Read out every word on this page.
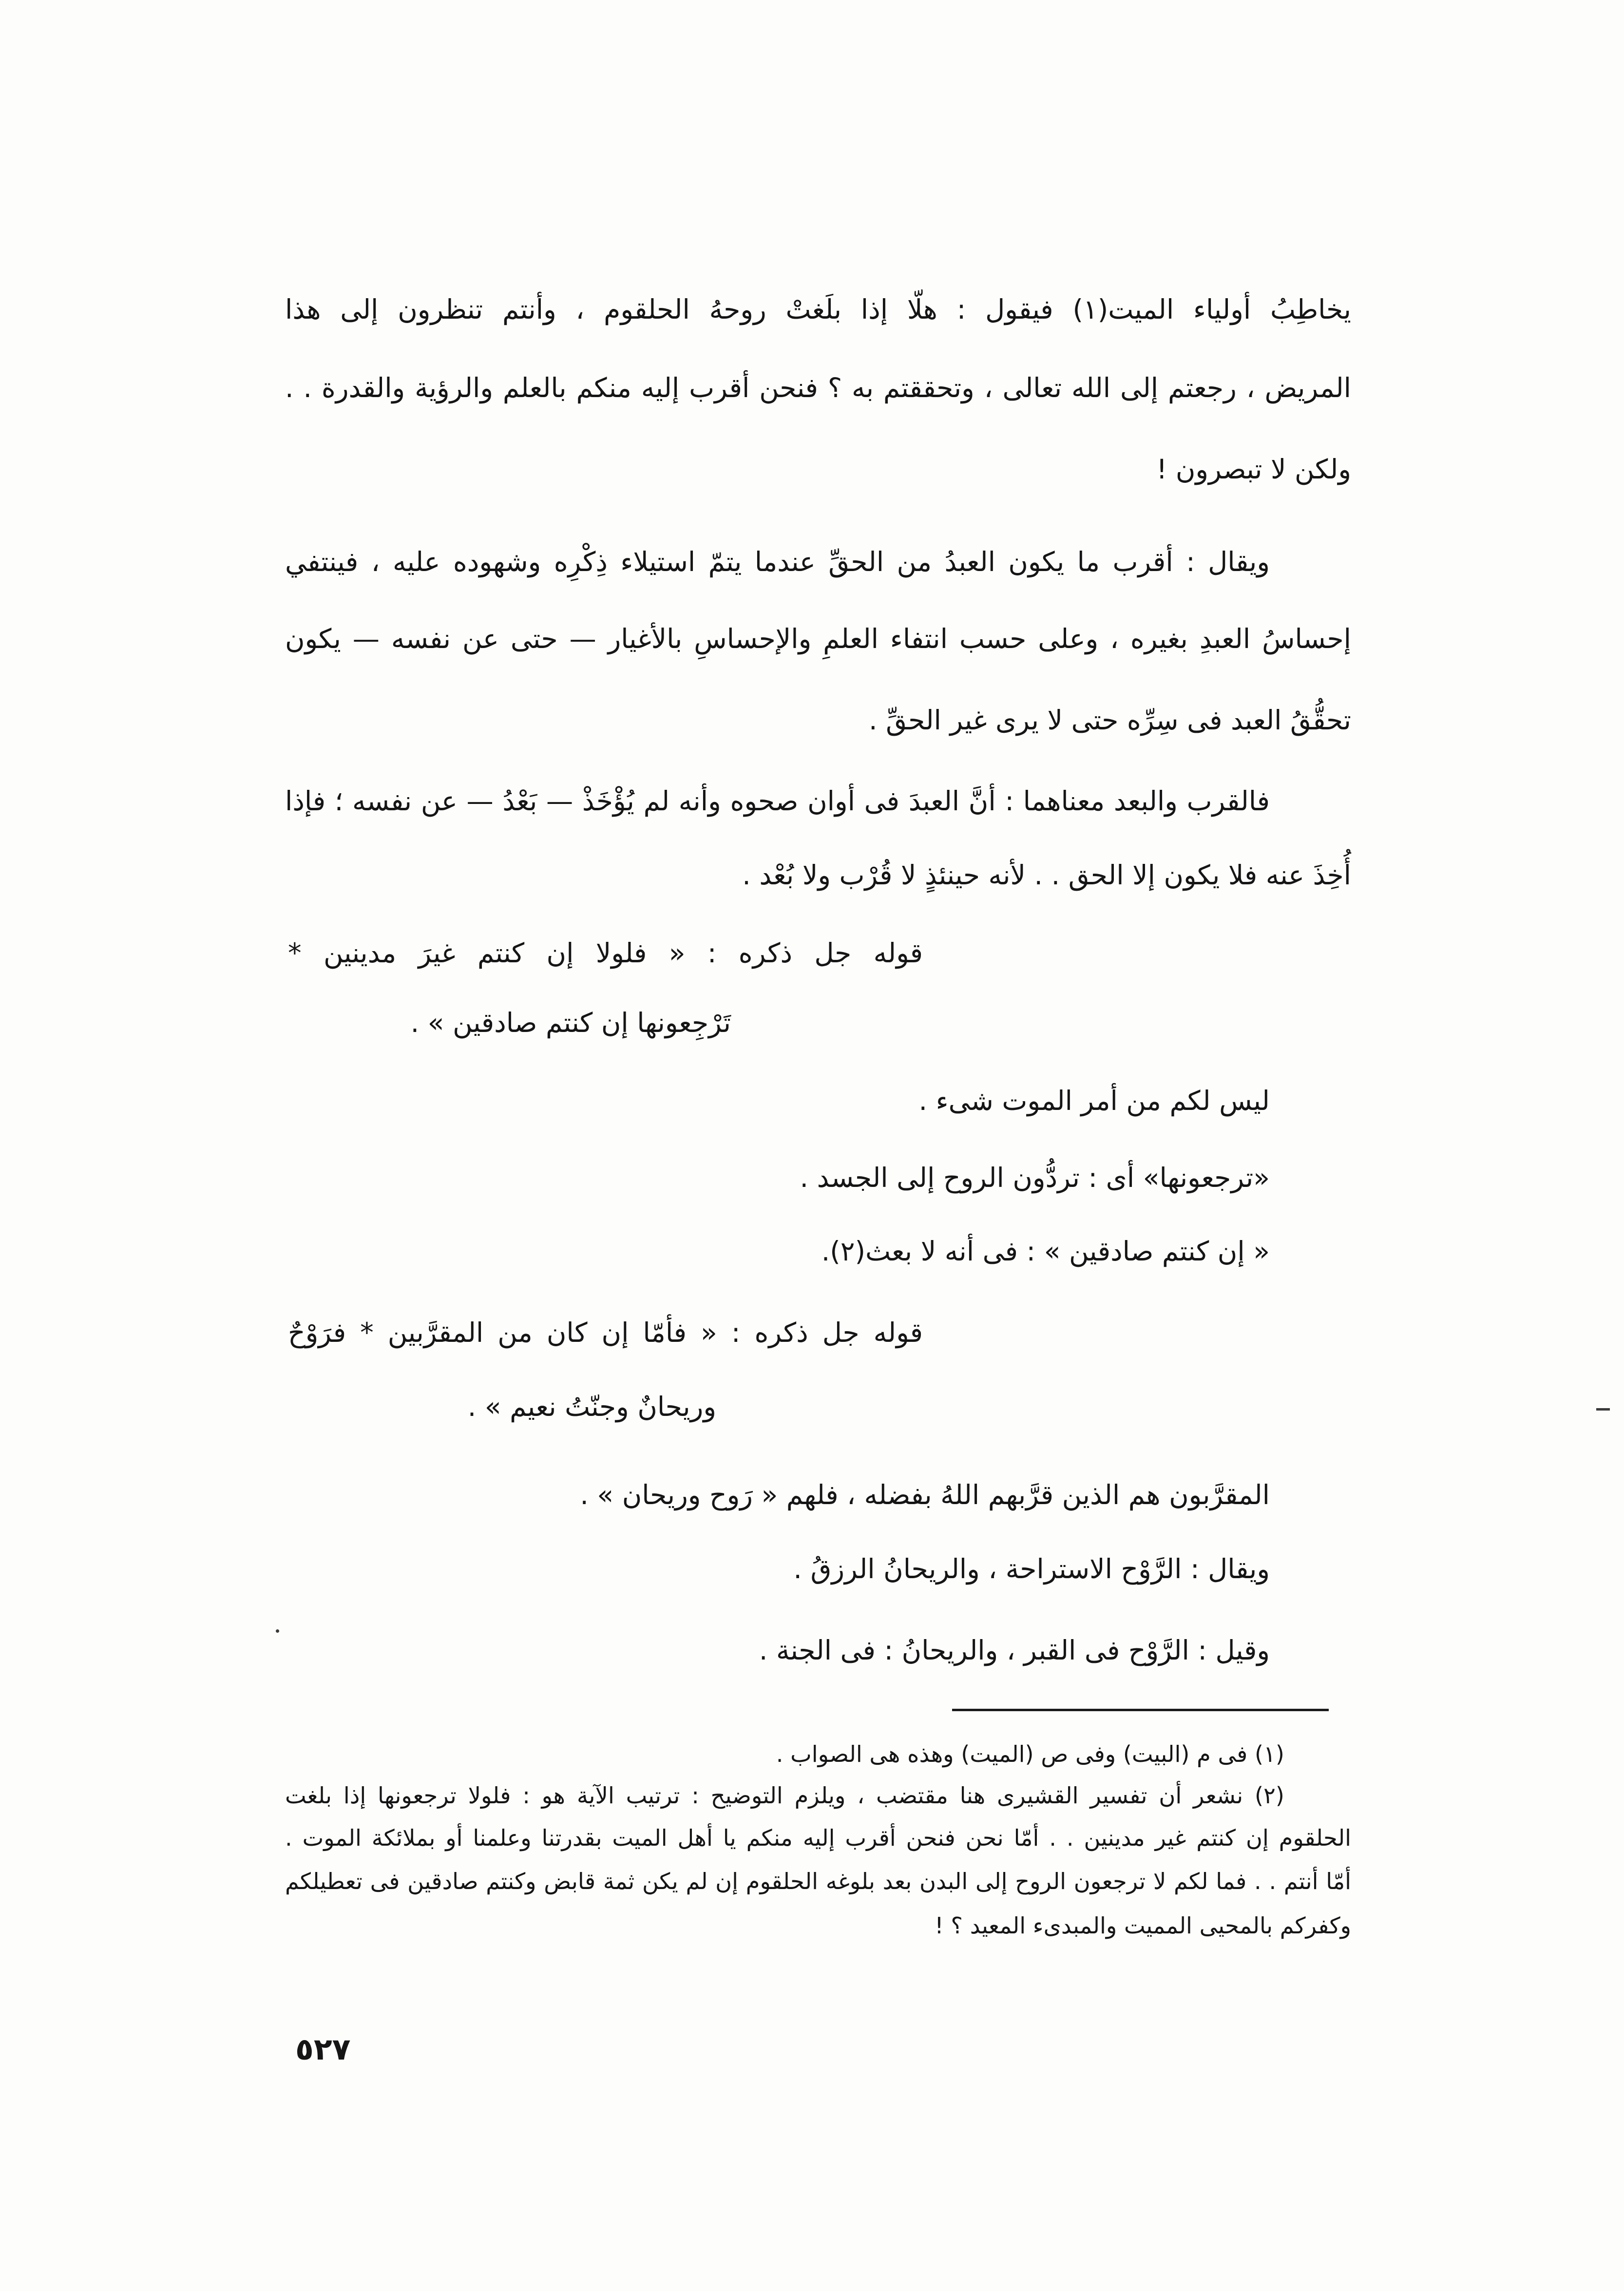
يخاطِبُ أولياء الميت(١) فيقول : هلّا إذا بلَغتْ روحهُ الحلقوم ، وأنتم تنظرون إلى هذا
المريض ، رجعتم إلى الله تعالى ، وتحققتم به ؟ فنحن أقرب إليه منكم بالعلم والرؤية والقدرة . .
ولكن لا تبصرون !
ويقال : أقرب ما يكون العبدُ من الحقِّ عندما يتمّ استيلاء ذِكْرِه وشهوده عليه ، فينتفي
إحساسُ العبدِ بغيره ، وعلى حسب انتفاء العلمِ والإحساسِ بالأغيار — حتى عن نفسه — يكون
تحقُّقُ العبد فى سِرِّه حتى لا يرى غير الحقِّ .
فالقرب والبعد معناهما : أنَّ العبدَ فى أوان صحوه وأنه لم يُؤْخَذْ — بَعْدُ — عن نفسه ؛ فإذا
أُخِذَ عنه فلا يكون إلا الحق . . لأنه حينئذٍ لا قُرْب ولا بُعْد .
قوله جل ذكره : « فلولا إن كنتم غيرَ مدينين *
تَرْجِعونها إن كنتم صادقين » .
ليس لكم من أمر الموت شىء .
«ترجعونها» أى : تردُّون الروح إلى الجسد .
« إن كنتم صادقين » : فى أنه لا بعث(٢).
قوله جل ذكره : « فأمّا إن كان من المقرَّبين * فرَوْحٌ
وريحانٌ وجنّتُ نعيم » .
المقرَّبون هم الذين قرَّبهم اللهُ بفضله ، فلهم « رَوح وريحان » .
ويقال : الرَّوْح الاستراحة ، والريحانُ الرزقُ .
وقيل : الرَّوْح فى القبر ، والريحانُ : فى الجنة .
(١) فى م (البيت) وفى ص (الميت) وهذه هى الصواب .
(٢) نشعر أن تفسير القشيرى هنا مقتضب ، ويلزم التوضيح : ترتيب الآية هو : فلولا ترجعونها إذا بلغت
الحلقوم إن كنتم غير مدينين . . أمّا نحن فنحن أقرب إليه منكم يا أهل الميت بقدرتنا وعلمنا أو بملائكة الموت .
أمّا أنتم . . فما لكم لا ترجعون الروح إلى البدن بعد بلوغه الحلقوم إن لم يكن ثمة قابض وكنتم صادقين فى تعطيلكم
وكفركم بالمحيى المميت والمبدىء المعيد ؟ !
٥٢٧
